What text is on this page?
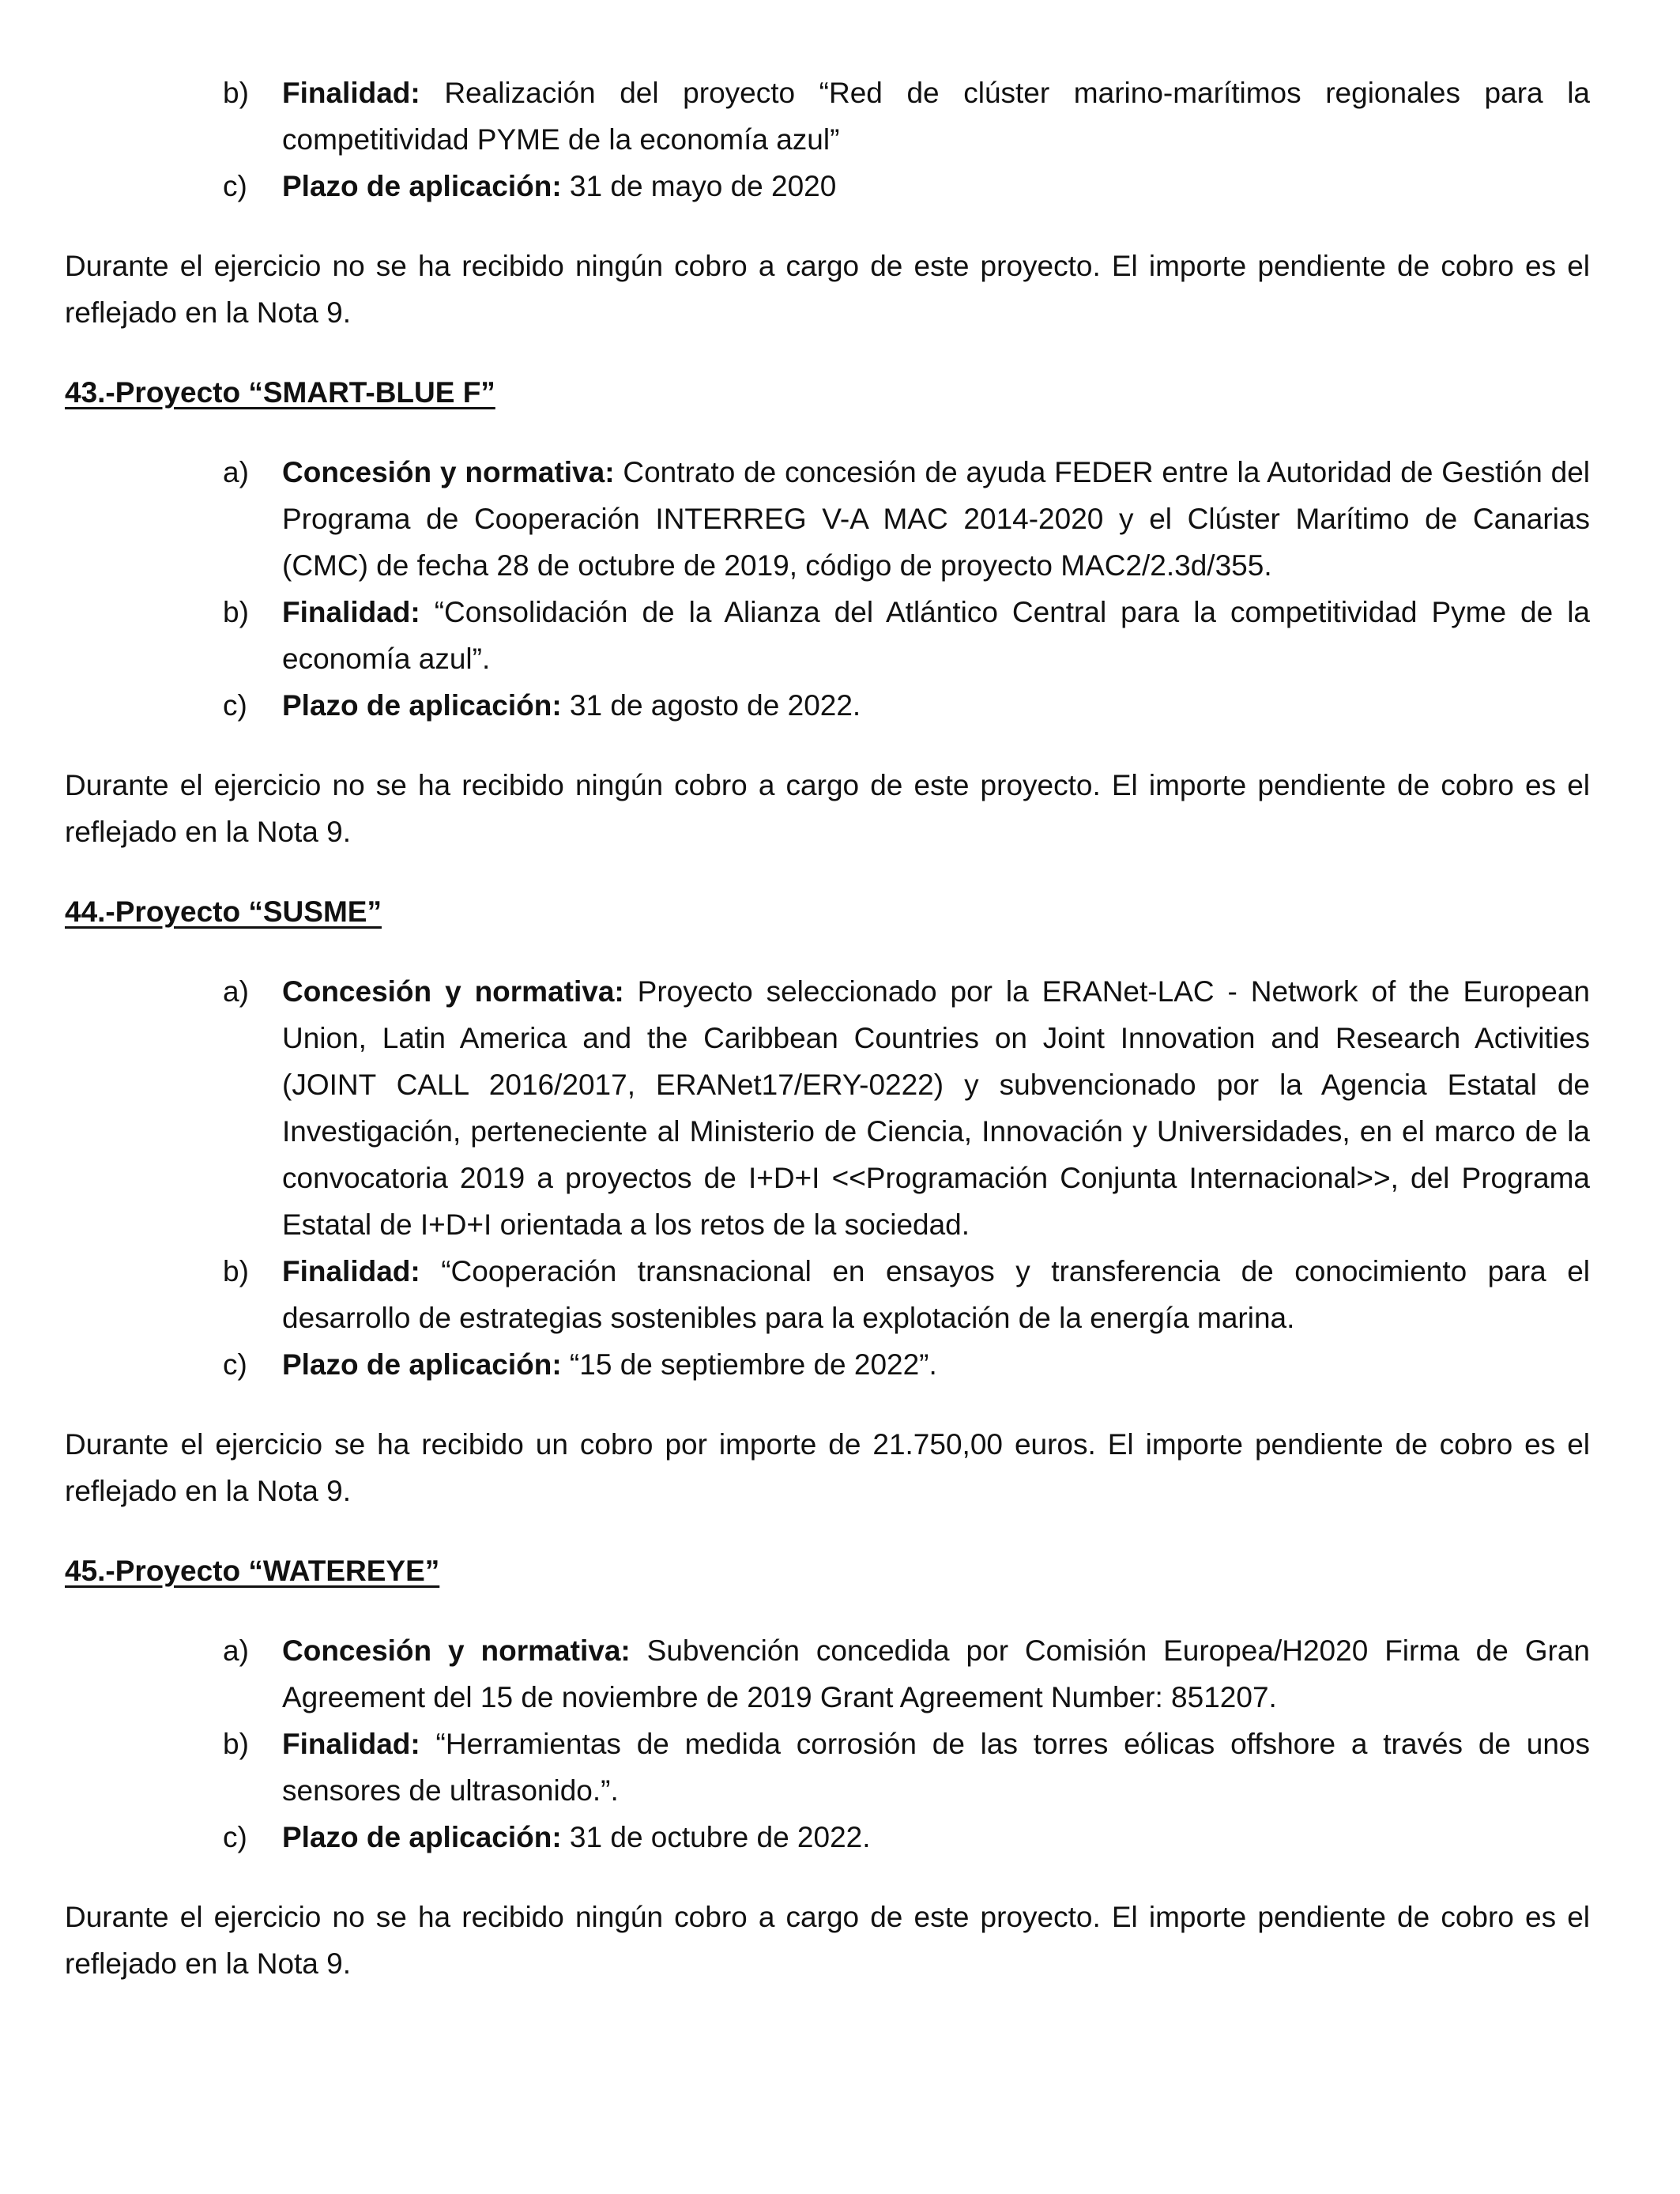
b)	Finalidad: Realización del proyecto “Red de clúster marino-marítimos regionales para la competitividad PYME de la economía azul”
c)	Plazo de aplicación: 31 de mayo de 2020

Durante el ejercicio no se ha recibido ningún cobro a cargo de este proyecto. El importe pendiente de cobro es el reflejado en la Nota 9.

43.-Proyecto “SMART-BLUE F”

a)	Concesión y normativa: Contrato de concesión de ayuda FEDER entre la Autoridad de Gestión del Programa de Cooperación INTERREG V-A MAC 2014-2020 y el Clúster Marítimo de Canarias (CMC) de fecha 28 de octubre de 2019, código de proyecto MAC2/2.3d/355.
b)	Finalidad: “Consolidación de la Alianza del Atlántico Central para la competitividad Pyme de la economía azul”.
c)	Plazo de aplicación: 31 de agosto de 2022.

Durante el ejercicio no se ha recibido ningún cobro a cargo de este proyecto. El importe pendiente de cobro es el reflejado en la Nota 9.

44.-Proyecto “SUSME”

a)	Concesión y normativa: Proyecto seleccionado por la ERANet-LAC - Network of the European Union, Latin America and the Caribbean Countries on Joint Innovation and Research Activities (JOINT CALL 2016/2017, ERANet17/ERY-0222) y subvencionado por la Agencia Estatal de Investigación, perteneciente al Ministerio de Ciencia, Innovación y Universidades, en el marco de la convocatoria 2019 a proyectos de I+D+I <<Programación Conjunta Internacional>>, del Programa Estatal de I+D+I orientada a los retos de la sociedad.
b)	Finalidad: “Cooperación transnacional en ensayos y transferencia de conocimiento para el desarrollo de estrategias sostenibles para la explotación de la energía marina.
c)	Plazo de aplicación: “15 de septiembre de 2022”.

Durante el ejercicio se ha recibido un cobro por importe de 21.750,00 euros. El importe pendiente de cobro es el reflejado en la Nota 9.

45.-Proyecto “WATEREYE”

a)	Concesión y normativa: Subvención concedida por Comisión Europea/H2020 Firma de Gran Agreement del 15 de noviembre de 2019 Grant Agreement Number: 851207.
b)	Finalidad: “Herramientas de medida corrosión de las torres eólicas offshore a través de unos sensores de ultrasonido.”.
c)	Plazo de aplicación: 31 de octubre de 2022.

Durante el ejercicio no se ha recibido ningún cobro a cargo de este proyecto. El importe pendiente de cobro es el reflejado en la Nota 9.
